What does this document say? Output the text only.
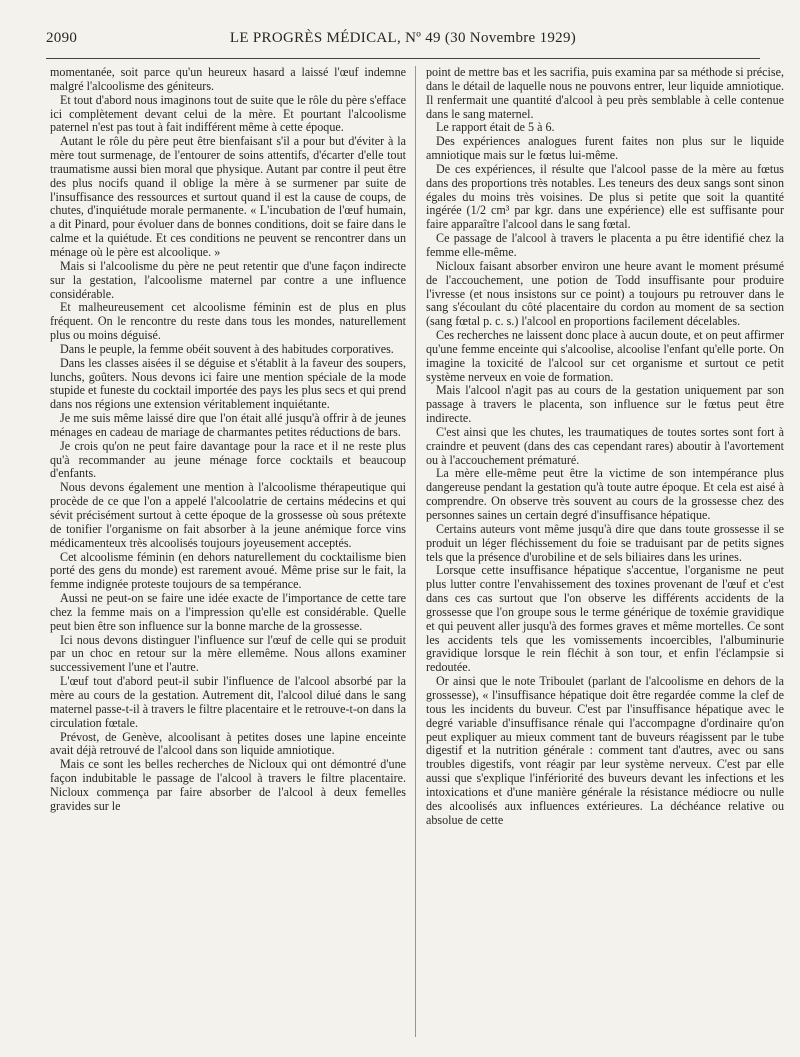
2090	LE PROGRÈS MÉDICAL, Nº 49 (30 Novembre 1929)

momentanée, soit parce qu'un heureux hasard a laissé l'œuf indemne malgré l'alcoolisme des géniteurs.

Et tout d'abord nous imaginons tout de suite que le rôle du père s'efface ici complètement devant celui de la mère. Et pourtant l'alcoolisme paternel n'est pas tout à fait indifférent même à cette époque.

Autant le rôle du père peut être bienfaisant s'il a pour but d'éviter à la mère tout surmenage, de l'entourer de soins attentifs, d'écarter d'elle tout traumatisme aussi bien moral que physique. Autant par contre il peut être des plus nocifs quand il oblige la mère à se surmener par suite de l'insuffisance des ressources et surtout quand il est la cause de coups, de chutes, d'inquiétude morale permanente. « L'incubation de l'œuf humain, a dit Pinard, pour évoluer dans de bonnes conditions, doit se faire dans le calme et la quiétude. Et ces conditions ne peuvent se rencontrer dans un ménage où le père est alcoolique. »

Mais si l'alcoolisme du père ne peut retentir que d'une façon indirecte sur la gestation, l'alcoolisme maternel par contre a une influence considérable.

Et malheureusement cet alcoolisme féminin est de plus en plus fréquent. On le rencontre du reste dans tous les mondes, naturellement plus ou moins déguisé.

Dans le peuple, la femme obéit souvent à des habitudes corporatives.

Dans les classes aisées il se déguise et s'établit à la faveur des soupers, lunchs, goûters. Nous devons ici faire une mention spéciale de la mode stupide et funeste du cocktail importée des pays les plus secs et qui prend dans nos régions une extension véritablement inquiétante.

Je me suis même laissé dire que l'on était allé jusqu'à offrir à de jeunes ménages en cadeau de mariage de charmantes petites réductions de bars.

Je crois qu'on ne peut faire davantage pour la race et il ne reste plus qu'à recommander au jeune ménage force cocktails et beaucoup d'enfants.

Nous devons également une mention à l'alcoolisme thérapeutique qui procède de ce que l'on a appelé l'alcoolatrie de certains médecins et qui sévit précisément surtout à cette époque de la grossesse où sous prétexte de tonifier l'organisme on fait absorber à la jeune anémique force vins médicamenteux très alcoolisés toujours joyeusement acceptés.

Cet alcoolisme féminin (en dehors naturellement du cocktailisme bien porté des gens du monde) est rarement avoué. Même prise sur le fait, la femme indignée proteste toujours de sa tempérance.

Aussi ne peut-on se faire une idée exacte de l'importance de cette tare chez la femme mais on a l'impression qu'elle est considérable. Quelle peut bien être son influence sur la bonne marche de la grossesse.

Ici nous devons distinguer l'influence sur l'œuf de celle qui se produit par un choc en retour sur la mère ellemême. Nous allons examiner successivement l'une et l'autre.

L'œuf tout d'abord peut-il subir l'influence de l'alcool absorbé par la mère au cours de la gestation. Autrement dit, l'alcool dilué dans le sang maternel passe-t-il à travers le filtre placentaire et le retrouve-t-on dans la circulation fœtale.

Prévost, de Genève, alcoolisant à petites doses une lapine enceinte avait déjà retrouvé de l'alcool dans son liquide amniotique.

Mais ce sont les belles recherches de Nicloux qui ont démontré d'une façon indubitable le passage de l'alcool à travers le filtre placentaire. Nicloux commença par faire absorber de l'alcool à deux femelles gravides sur le

point de mettre bas et les sacrifia, puis examina par sa méthode si précise, dans le détail de laquelle nous ne pouvons entrer, leur liquide amniotique. Il renfermait une quantité d'alcool à peu près semblable à celle contenue dans le sang maternel.

Le rapport était de 5 à 6.

Des expériences analogues furent faites non plus sur le liquide amniotique mais sur le fœtus lui-même.

De ces expériences, il résulte que l'alcool passe de la mère au fœtus dans des proportions très notables. Les teneurs des deux sangs sont sinon égales du moins très voisines. De plus si petite que soit la quantité ingérée (1/2 cm³ par kgr. dans une expérience) elle est suffisante pour faire apparaître l'alcool dans le sang fœtal.

Ce passage de l'alcool à travers le placenta a pu être identifié chez la femme elle-même.

Nicloux faisant absorber environ une heure avant le moment présumé de l'accouchement, une potion de Todd insuffisante pour produire l'ivresse (et nous insistons sur ce point) a toujours pu retrouver dans le sang s'écoulant du côté placentaire du cordon au moment de sa section (sang fœtal p. c. s.) l'alcool en proportions facilement décelables.

Ces recherches ne laissent donc place à aucun doute, et on peut affirmer qu'une femme enceinte qui s'alcoolise, alcoolise l'enfant qu'elle porte. On imagine la toxicité de l'alcool sur cet organisme et surtout ce petit système nerveux en voie de formation.

Mais l'alcool n'agit pas au cours de la gestation uniquement par son passage à travers le placenta, son influence sur le fœtus peut être indirecte.

C'est ainsi que les chutes, les traumatiques de toutes sortes sont fort à craindre et peuvent (dans des cas cependant rares) aboutir à l'avortement ou à l'accouchement prématuré.

La mère elle-même peut être la victime de son intempérance plus dangereuse pendant la gestation qu'à toute autre époque. Et cela est aisé à comprendre. On observe très souvent au cours de la grossesse chez des personnes saines un certain degré d'insuffisance hépatique.

Certains auteurs vont même jusqu'à dire que dans toute grossesse il se produit un léger fléchissement du foie se traduisant par de petits signes tels que la présence d'urobiline et de sels biliaires dans les urines.

Lorsque cette insuffisance hépatique s'accentue, l'organisme ne peut plus lutter contre l'envahissement des toxines provenant de l'œuf et c'est dans ces cas surtout que l'on observe les différents accidents de la grossesse que l'on groupe sous le terme générique de toxémie gravidique et qui peuvent aller jusqu'à des formes graves et même mortelles. Ce sont les accidents tels que les vomissements incoercibles, l'albuminurie gravidique lorsque le rein fléchit à son tour, et enfin l'éclampsie si redoutée.

Or ainsi que le note Triboulet (parlant de l'alcoolisme en dehors de la grossesse), « l'insuffisance hépatique doit être regardée comme la clef de tous les incidents du buveur. C'est par l'insuffisance hépatique avec le degré variable d'insuffisance rénale qui l'accompagne d'ordinaire qu'on peut expliquer au mieux comment tant de buveurs réagissent par le tube digestif et la nutrition générale : comment tant d'autres, avec ou sans troubles digestifs, vont réagir par leur système nerveux. C'est par elle aussi que s'explique l'infériorité des buveurs devant les infections et les intoxications et d'une manière générale la résistance médiocre ou nulle des alcoolisés aux influences extérieures. La déchéance relative ou absolue de cette
